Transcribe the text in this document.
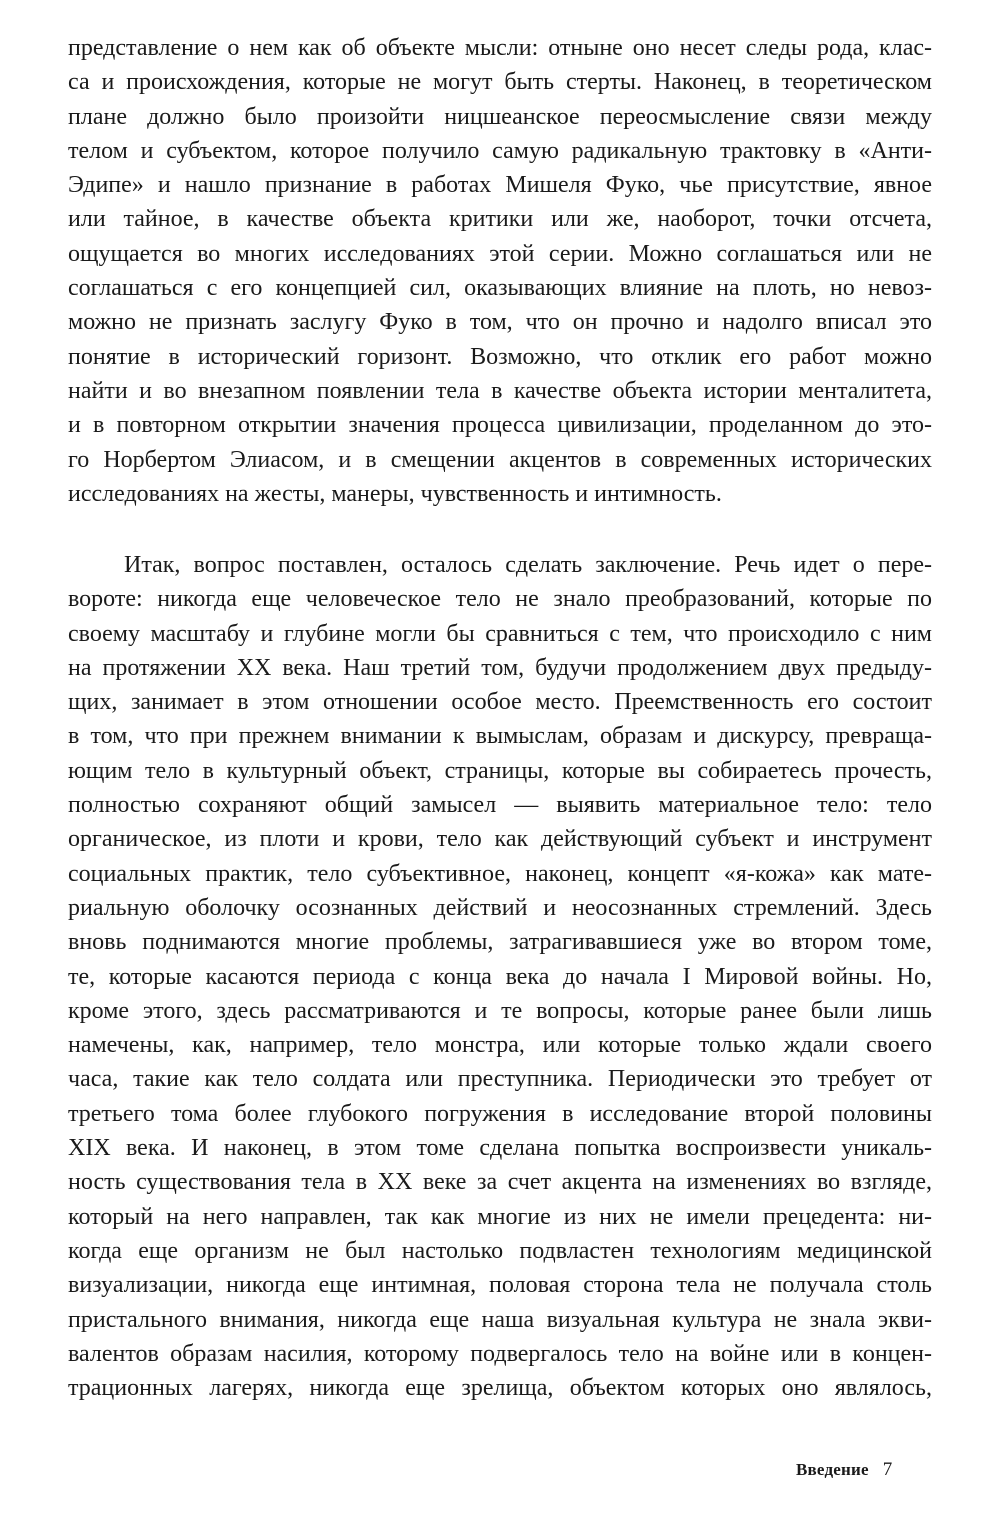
представление о нем как об объекте мысли: отныне оно несет следы рода, клас-
са и происхождения, которые не могут быть стерты. Наконец, в теоретическом
плане должно было произойти ницшеанское переосмысление связи между
телом и субъектом, которое получило самую радикальную трактовку в «Анти-
Эдипе» и нашло признание в работах Мишеля Фуко, чье присутствие, явное
или тайное, в качестве объекта критики или же, наоборот, точки отсчета,
ощущается во многих исследованиях этой серии. Можно соглашаться или не
соглашаться с его концепцией сил, оказывающих влияние на плоть, но невоз-
можно не признать заслугу Фуко в том, что он прочно и надолго вписал это
понятие в исторический горизонт. Возможно, что отклик его работ можно
найти и во внезапном появлении тела в качестве объекта истории менталитета,
и в повторном открытии значения процесса цивилизации, проделанном до это-
го Норбертом Элиасом, и в смещении акцентов в современных исторических
исследованиях на жесты, манеры, чувственность и интимность.
Итак, вопрос поставлен, осталось сделать заключение. Речь идет о пере-
вороте: никогда еще человеческое тело не знало преобразований, которые по
своему масштабу и глубине могли бы сравниться с тем, что происходило с ним
на протяжении XX века. Наш третий том, будучи продолжением двух предыду-
щих, занимает в этом отношении особое место. Преемственность его состоит
в том, что при прежнем внимании к вымыслам, образам и дискурсу, превраща-
ющим тело в культурный объект, страницы, которые вы собираетесь прочесть,
полностью сохраняют общий замысел — выявить материальное тело: тело
органическое, из плоти и крови, тело как действующий субъект и инструмент
социальных практик, тело субъективное, наконец, концепт «я-кожа» как мате-
риальную оболочку осознанных действий и неосознанных стремлений. Здесь
вновь поднимаются многие проблемы, затрагивавшиеся уже во втором томе,
те, которые касаются периода с конца века до начала I Мировой войны. Но,
кроме этого, здесь рассматриваются и те вопросы, которые ранее были лишь
намечены, как, например, тело монстра, или которые только ждали своего
часа, такие как тело солдата или преступника. Периодически это требует от
третьего тома более глубокого погружения в исследование второй половины
XIX века. И наконец, в этом томе сделана попытка воспроизвести уникаль-
ность существования тела в XX веке за счет акцента на изменениях во взгляде,
который на него направлен, так как многие из них не имели прецедента: ни-
когда еще организм не был настолько подвластен технологиям медицинской
визуализации, никогда еще интимная, половая сторона тела не получала столь
пристального внимания, никогда еще наша визуальная культура не знала экви-
валентов образам насилия, которому подвергалось тело на войне или в концен-
трационных лагерях, никогда еще зрелища, объектом которых оно являлось,
Введение 7
